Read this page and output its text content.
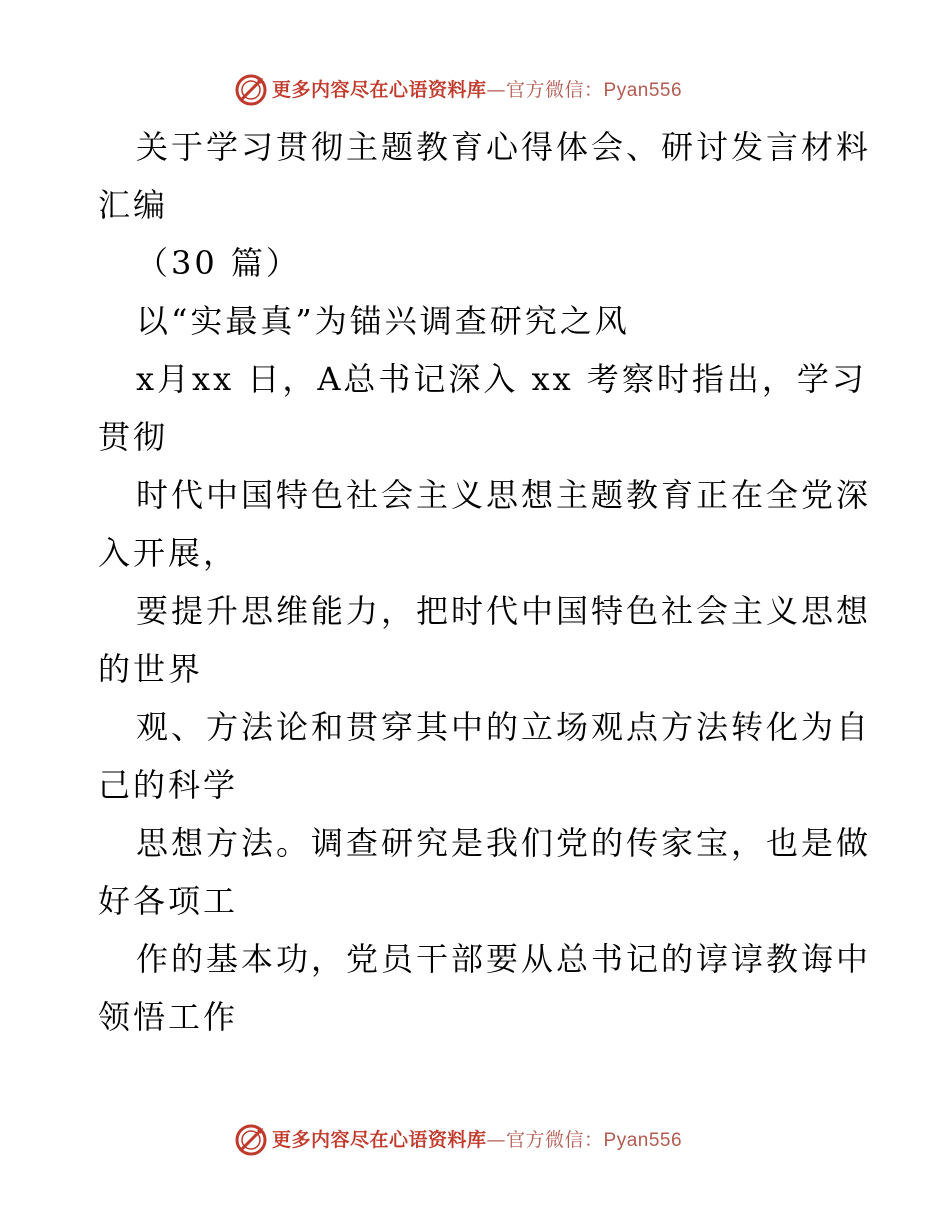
更多内容尽在心语资料库—官方微信：Pyan556
关于学习贯彻主题教育心得体会、研讨发言材料
汇编
（30 篇）
以“实最真”为锚兴调查研究之风
x月xx 日，A总书记深入 xx 考察时指出，学习
贯彻
时代中国特色社会主义思想主题教育正在全党深
入开展，
要提升思维能力，把时代中国特色社会主义思想
的世界
观、方法论和贯穿其中的立场观点方法转化为自
己的科学
思想方法。调查研究是我们党的传家宝，也是做
好各项工
作的基本功，党员干部要从总书记的谆谆教诲中
领悟工作
更多内容尽在心语资料库—官方微信：Pyan556
